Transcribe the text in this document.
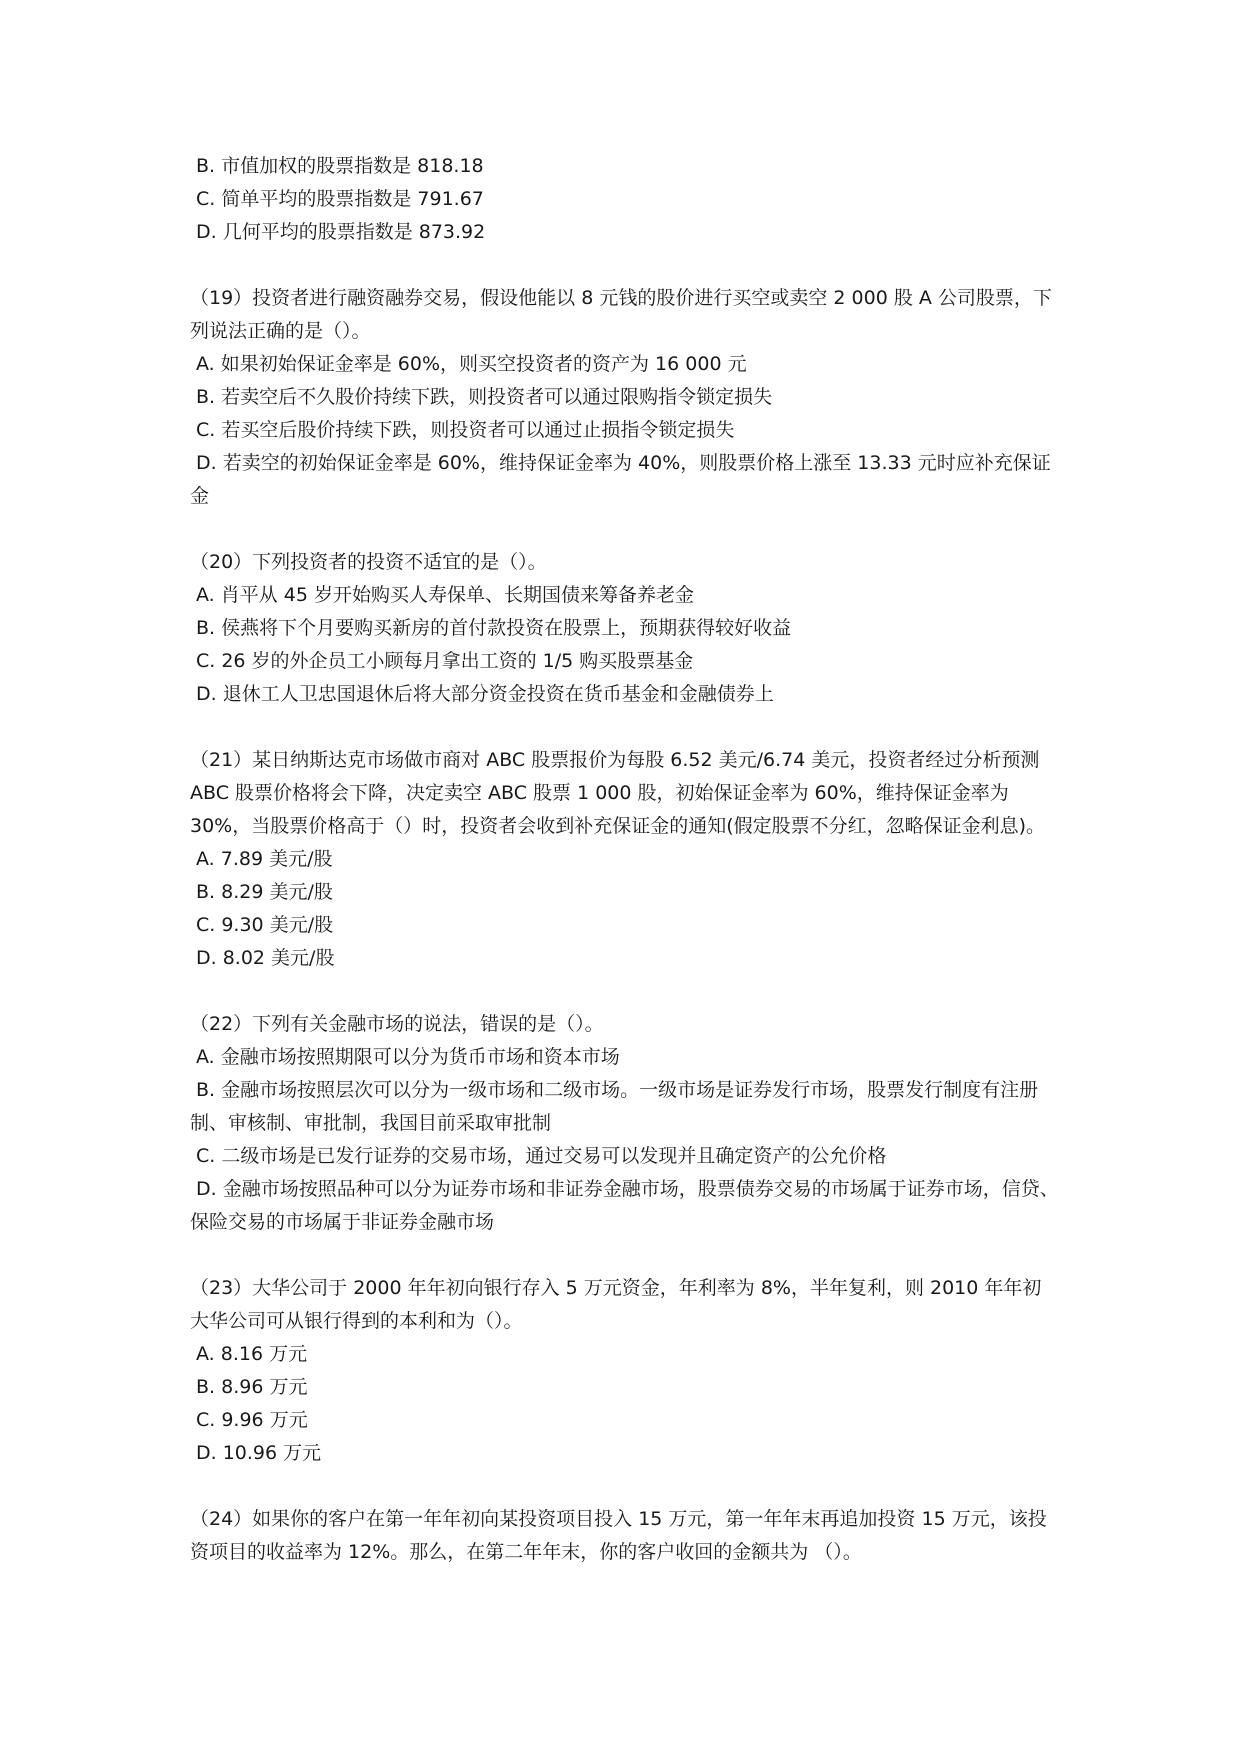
B. 市值加权的股票指数是 818.18

C. 简单平均的股票指数是 791.67

D. 几何平均的股票指数是 873.92

（19）投资者进行融资融券交易，假设他能以 8 元钱的股价进行买空或卖空 2 000 股 A 公司股票，下列说法正确的是（）。

A. 如果初始保证金率是 60%，则买空投资者的资产为 16 000 元

B. 若卖空后不久股价持续下跌，则投资者可以通过限购指令锁定损失

C. 若买空后股价持续下跌，则投资者可以通过止损指令锁定损失

D. 若卖空的初始保证金率是 60%，维持保证金率为 40%，则股票价格上涨至 13.33 元时应补充保证金

（20）下列投资者的投资不适宜的是（）。

A. 肖平从 45 岁开始购买人寿保单、长期国债来筹备养老金

B. 侯燕将下个月要购买新房的首付款投资在股票上，预期获得较好收益

C. 26 岁的外企员工小顾每月拿出工资的 1/5 购买股票基金

D. 退休工人卫忠国退休后将大部分资金投资在货币基金和金融债券上

（21）某日纳斯达克市场做市商对 ABC 股票报价为每股 6.52 美元/6.74 美元，投资者经过分析预测 ABC 股票价格将会下降，决定卖空 ABC 股票 1 000 股，初始保证金率为 60%，维持保证金率为 30%，当股票价格高于（）时，投资者会收到补充保证金的通知(假定股票不分红，忽略保证金利息)。

A. 7.89 美元/股

B. 8.29 美元/股

C. 9.30 美元/股

D. 8.02 美元/股

（22）下列有关金融市场的说法，错误的是（）。

A. 金融市场按照期限可以分为货币市场和资本市场

B. 金融市场按照层次可以分为一级市场和二级市场。一级市场是证券发行市场，股票发行制度有注册制、审核制、审批制，我国目前采取审批制

C. 二级市场是已发行证券的交易市场，通过交易可以发现并且确定资产的公允价格

D. 金融市场按照品种可以分为证券市场和非证券金融市场，股票债券交易的市场属于证券市场，信贷、保险交易的市场属于非证券金融市场

（23）大华公司于 2000 年年初向银行存入 5 万元资金，年利率为 8%，半年复利，则 2010 年年初大华公司可从银行得到的本利和为（）。

A. 8.16 万元

B. 8.96 万元

C. 9.96 万元

D. 10.96 万元

（24）如果你的客户在第一年年初向某投资项目投入 15 万元，第一年年末再追加投资 15 万元，该投资项目的收益率为 12%。那么，在第二年年末，你的客户收回的金额共为 （）。
